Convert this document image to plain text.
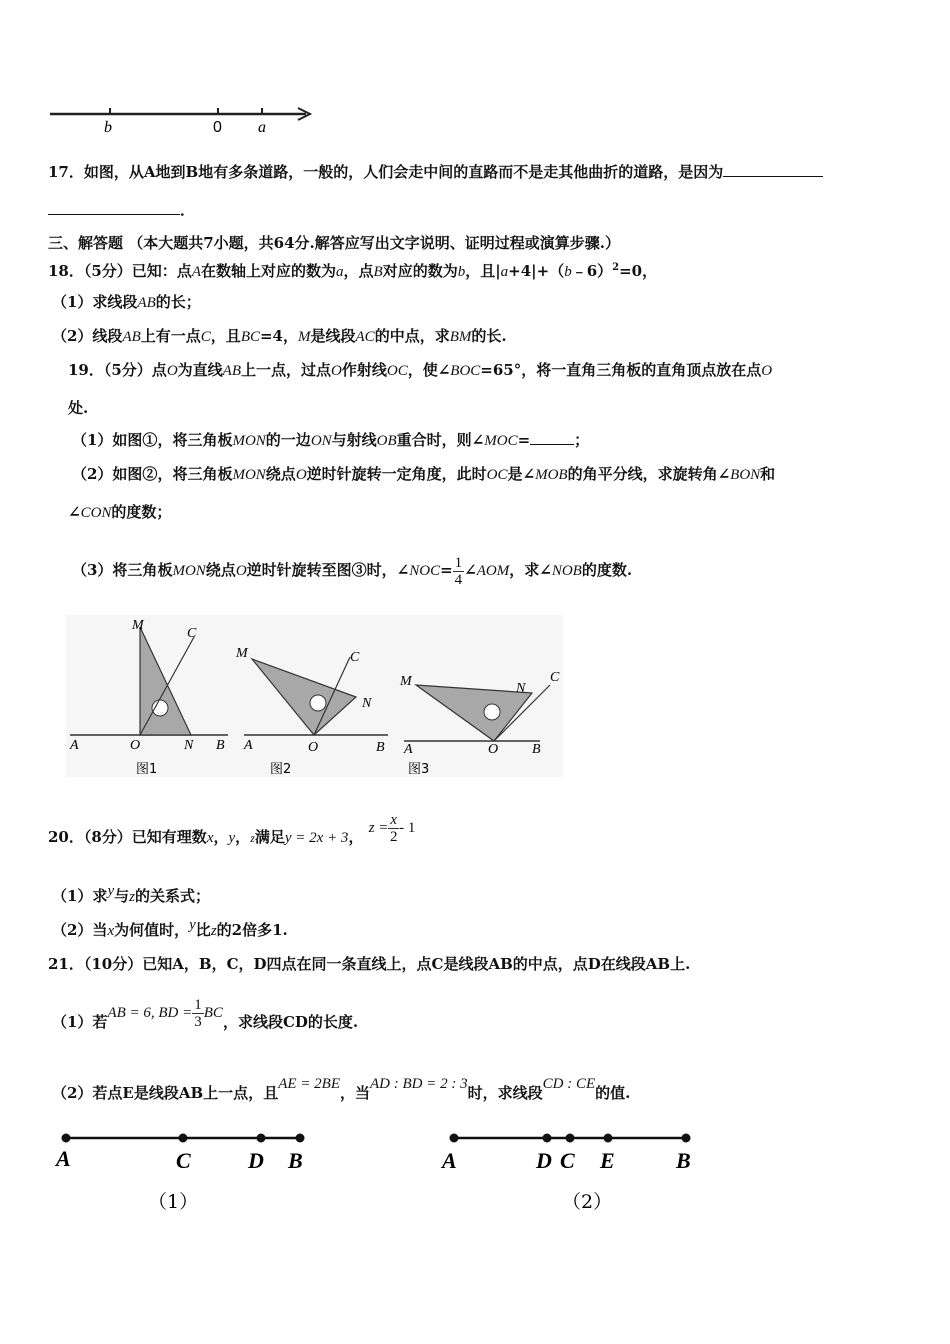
b	0 a
17．如图，从A地到B地有多条道路，一般的，人们会走中间的直路而不是走其他曲折的道路，是因为
．
三、解答题 （本大题共7小题，共64分.解答应写出文字说明、证明过程或演算步骤.）
18．（5分）已知：点A在数轴上对应的数为a，点B对应的数为b，且|a+4|+（b﹣6）$^2$=0，
（1）求线段AB的长；
（2）线段AB上有一点C，且BC=4，M是线段AC的中点，求BM的长.
19．（5分）点O为直线AB上一点，过点O作射线OC，使∠BOC=65°，将一直角三角板的直角顶点放在点O
处.
（1）如图①，将三角板MON的一边ON与射线OB重合时，则∠MOC=	；
（2）如图②，将三角板MON绕点O逆时针旋转一定角度，此时OC是∠MOB的角平分线，求旋转角∠BON和
∠CON的度数；
（3）将三角板MON绕点O逆时针旋转至图③时，∠NOC= $\frac{1}{4}$ ∠AOM，求∠NOB的度数.
M
C
A	O	N B
图1
M	C
N
A	O	B
图2
M	N
C
A	O B
图3
20．（8分）已知有理数x，y，z满足y = 2x + 3， $z = \frac{x}{2} - 1$
（1）求y与z的关系式；
（2）当x为何值时，y比z的2倍多1.
21．（10分）已知A，B，C，D四点在同一条直线上，点C是线段AB的中点，点D在线段AB上.
（1）若AB = 6, BD = $\frac{1}{3}$ BC，求线段CD的长度.
（2）若点E是线段AB上一点，且AE = 2BE，当AD : BD = 2 : 3时，求线段CD : CE的值.
A	C	D B
（1）
A	D C E	B
（2）
